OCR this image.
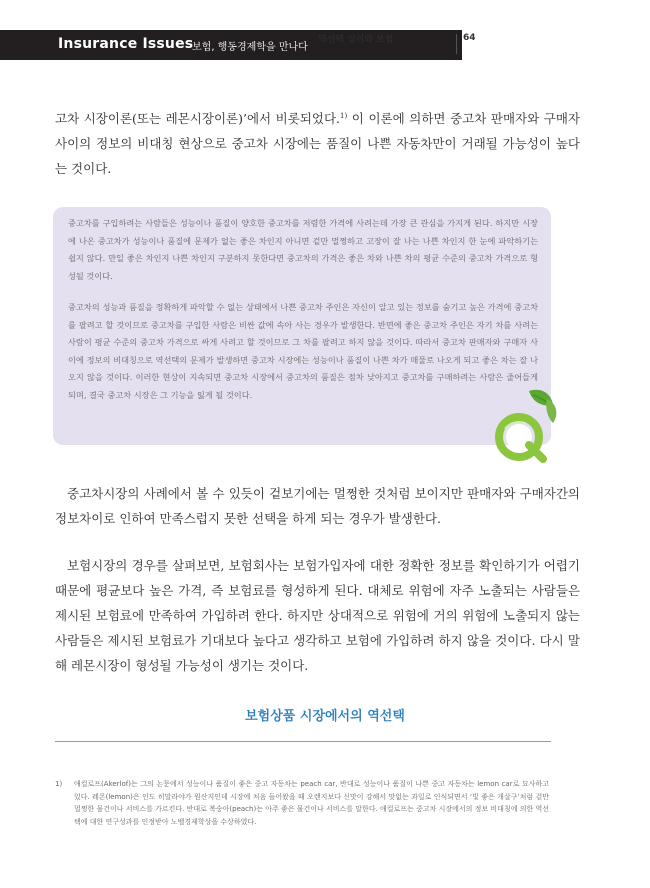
Insurance Issues
보험, 행동경제학을 만나다
역선택 심리와 보험	64
고차 시장이론(또는 레몬시장이론)’에서 비롯되었다.$^{1)}$ 이 이론에 의하면 중고차 판매자와 구매자 사이의 정보의 비대칭 현상으로 중고차 시장에는 품질이 나쁜 자동차만이 거래될 가능성이 높다는 것이다.
중고차를 구입하려는 사람들은 성능이나 품질이 양호한 중고차를 저렴한 가격에 사려는데 가장 큰 관심을 가지게 된다. 하지만 시장에 나온 중고차가 성능이나 품질에 문제가 없는 좋은 차인지 아니면 겉만 멀쩡하고 고장이 잘 나는 나쁜 차인지 한 눈에 파악하기는 쉽지 않다. 만일 좋은 차인지 나쁜 차인지 구분하지 못한다면 중고차의 가격은 좋은 차와 나쁜 차의 평균 수준의 중고차 가격으로 형성될 것이다.
중고차의 성능과 품질을 정확하게 파악할 수 없는 상태에서 나쁜 중고차 주인은 자신이 알고 있는 정보를 숨기고 높은 가격에 중고차를 팔려고 할 것이므로 중고차를 구입한 사람은 비싼 값에 속아 사는 경우가 발생한다. 반면에 좋은 중고차 주인은 자기 차를 사려는 사람이 평균 수준의 중고차 가격으로 싸게 사려고 할 것이므로 그 차를 팔려고 하지 않을 것이다. 따라서 중고차 판매자와 구매자 사이에 정보의 비대칭으로 역선택의 문제가 발생하면 중고차 시장에는 성능이나 품질이 나쁜 차가 매물로 나오게 되고 좋은 차는 잘 나오지 않을 것이다. 이러한 현상이 지속되면 중고차 시장에서 중고차의 품질은 점차 낮아지고 중고차를 구매하려는 사람은 줄어들게 되며, 결국 중고차 시장은 그 기능을 잃게 될 것이다.
중고차시장의 사례에서 볼 수 있듯이 겉보기에는 멀쩡한 것처럼 보이지만 판매자와 구매자간의 정보차이로 인하여 만족스럽지 못한 선택을 하게 되는 경우가 발생한다.
보험시장의 경우를 살펴보면, 보험회사는 보험가입자에 대한 정확한 정보를 확인하기가 어렵기 때문에 평균보다 높은 가격, 즉 보험료를 형성하게 된다. 대체로 위험에 자주 노출되는 사람들은 제시된 보험료에 만족하여 가입하려 한다. 하지만 상대적으로 위험에 거의 위험에 노출되지 않는 사람들은 제시된 보험료가 기대보다 높다고 생각하고 보험에 가입하려 하지 않을 것이다. 다시 말해 레몬시장이 형성될 가능성이 생기는 것이다.
보험상품 시장에서의 역선택
1) 애컬로프(Akerlof)는 그의 논문에서 성능이나 품질이 좋은 중고 자동차는 peach car, 반대로 성능이나 품질이 나쁜 중고 자동차는 lemon car로 묘사하고 있다. 레몬(lemon)은 인도 히말라야가 원산지인데 시장에 처음 들어왔을 때 오렌지보다 신맛이 강해서 맛없는 과일로 인식되면서 ‘빛 좋은 개살구’처럼 겉만 멀쩡한 물건이나 서비스를 가르킨다. 반대로 복숭아(peach)는 아주 좋은 물건이나 서비스를 말한다. 애컬로프는 중고차 시장에서의 정보 비대칭에 의한 역선택에 대한 연구성과를 인정받아 노벨경제학상을 수상하였다.
